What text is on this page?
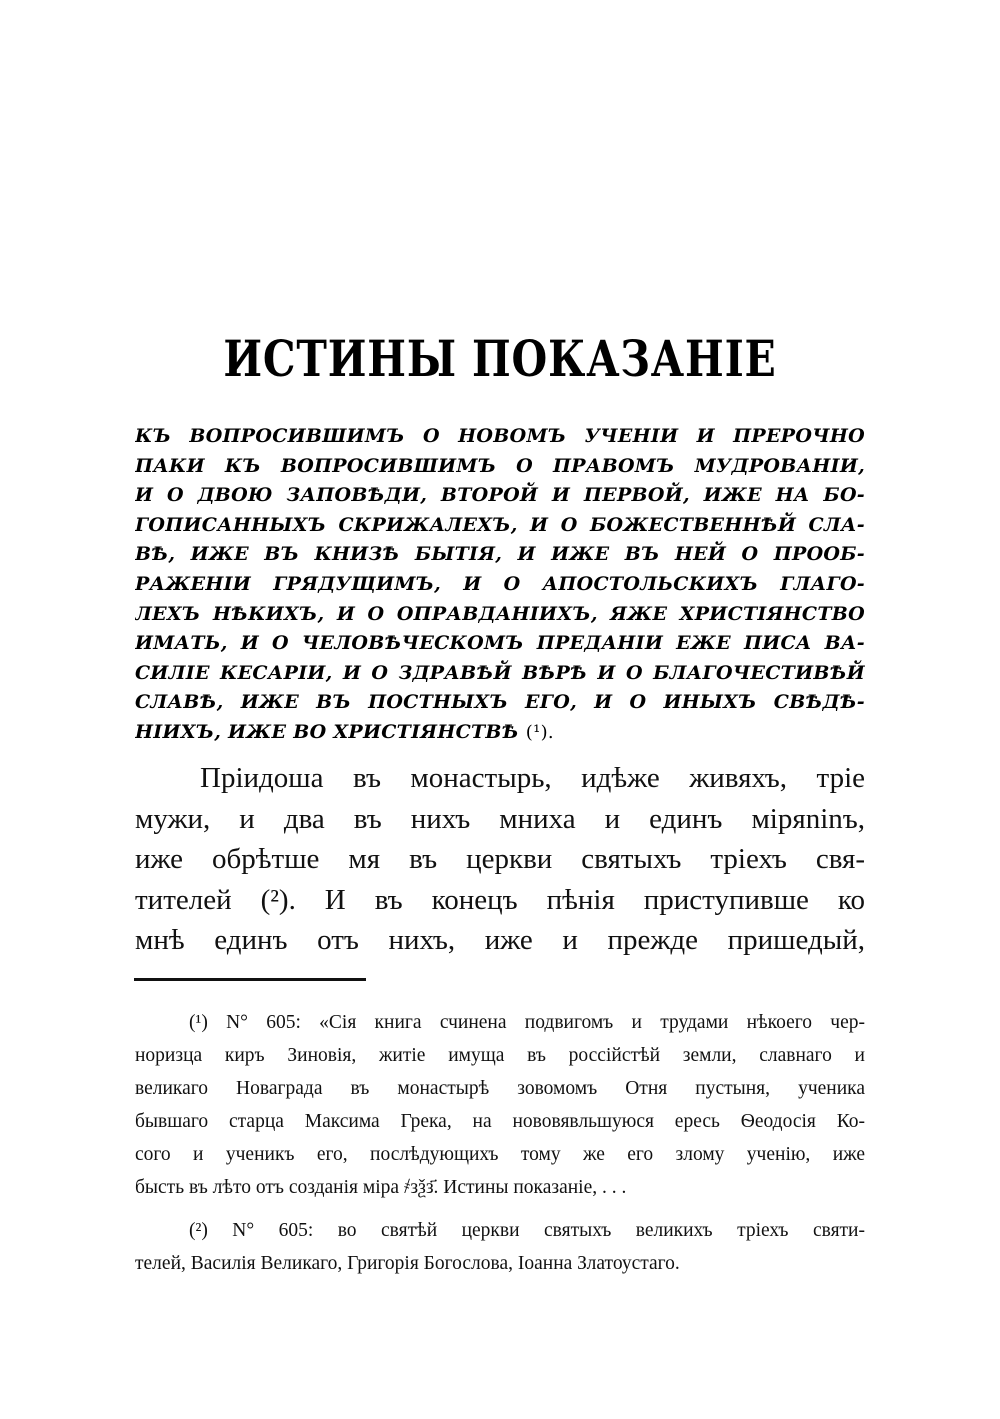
ИСТИНЫ ПОКАЗАНІЕ
КЪ ВОПРОСИВШИМЪ О НОВОМЪ УЧЕНІИ И ПРЕРОЧНО
ПАКИ КЪ ВОПРОСИВШИМЪ О ПРАВОМЪ МУДРОВАНІИ,
И О ДВОЮ ЗАПОВѢДИ, ВТОРОЙ И ПЕРВОЙ, ИЖЕ НА БО-
ГОПИСАННЫХЪ СКРИЖАЛЕХЪ, И О БОЖЕСТВЕННѢЙ СЛА-
ВѢ, ИЖЕ ВЪ КНИЗѢ БЫТІЯ, И ИЖЕ ВЪ НЕЙ О ПРООБ-
РАЖЕНІИ ГРЯДУЩИМЪ, И О АПОСТОЛЬСКИХЪ ГЛАГО-
ЛЕХЪ НѢКИХЪ, И О ОПРАВДАНІИХЪ, ЯЖЕ ХРИСТІЯНСТВО
ИМАТЬ, И О ЧЕЛОВѢЧЕСКОМЪ ПРЕДАНІИ ЕЖЕ ПИСА ВА-
СИЛІЕ КЕСАРІИ, И О ЗДРАВѢЙ ВѢРѢ И О БЛАГОЧЕСТИВѢЙ
СЛАВѢ, ИЖЕ ВЪ ПОСТНЫХЪ ЕГО, И О ИНЫХЪ СВѢДѢ-
НІИХЪ, ИЖЕ ВО ХРИСТІЯНСТВѢ (¹).
Пріидоша въ монастырь, идѣже живяхъ, тріе
мужи, и два въ нихъ мниха и единъ міряninъ,
иже обрѣтше мя въ церкви святыхъ тріехъ свя-
тителей (²). И въ конецъ пѣнія приступивше ко
мнѣ единъ отъ нихъ, иже и прежде пришедый,
(¹) N° 605: «Сія книга счинена подвигомъ и трудами нѣкоего чер-
норизца киръ Зиновія, житіе имуща въ россійстѣй земли, славнаго и
великаго Новаграда въ монастырѣ зовомомъ Отня пустыня, ученика
бывшаго старца Максима Грека, на нововявльшуюся ересь Ѳеодосія Ко-
сого и ученикъ его, послѣдующихъ тому же его злому ученію, иже
бысть въ лѣто отъ созданія міра ҂зѯз҃. Истины показаніе, . . .
(²) N° 605: во святѣй церкви святыхъ великихъ тріехъ святи-
телей, Василія Великаго, Григорія Богослова, Іоанна Златоустаго.
